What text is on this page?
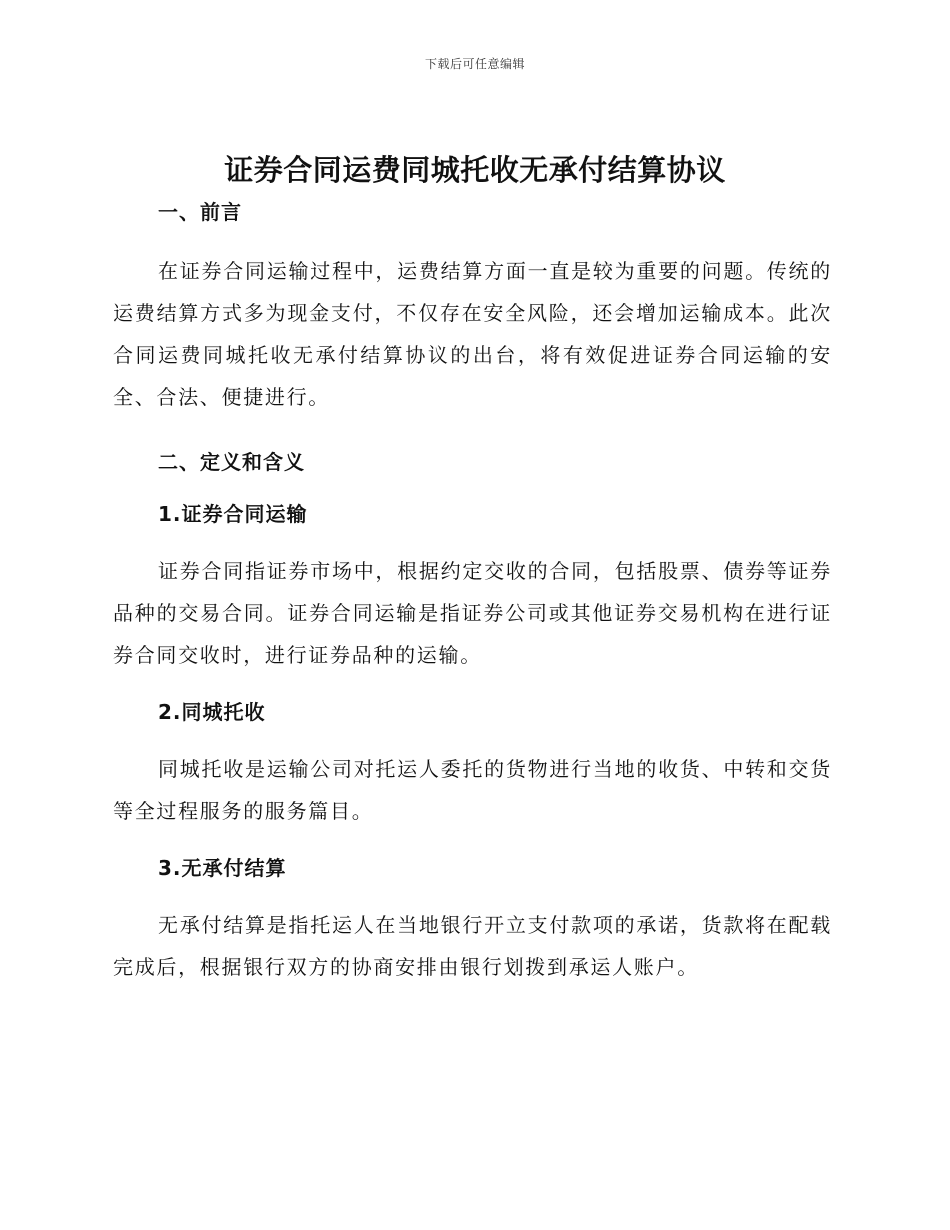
下载后可任意编辑
证券合同运费同城托收无承付结算协议
一、前言

在证券合同运输过程中，运费结算方面一直是较为重要的问题。传统的运费结算方式多为现金支付，不仅存在安全风险，还会增加运输成本。此次合同运费同城托收无承付结算协议的出台，将有效促进证券合同运输的安全、合法、便捷进行。

二、定义和含义
1.证券合同运输

证券合同指证券市场中，根据约定交收的合同，包括股票、债券等证券品种的交易合同。证券合同运输是指证券公司或其他证券交易机构在进行证券合同交收时，进行证券品种的运输。

2.同城托收

同城托收是运输公司对托运人委托的货物进行当地的收货、中转和交货等全过程服务的服务篇目。

3.无承付结算

无承付结算是指托运人在当地银行开立支付款项的承诺，货款将在配载完成后，根据银行双方的协商安排由银行划拨到承运人账户。
